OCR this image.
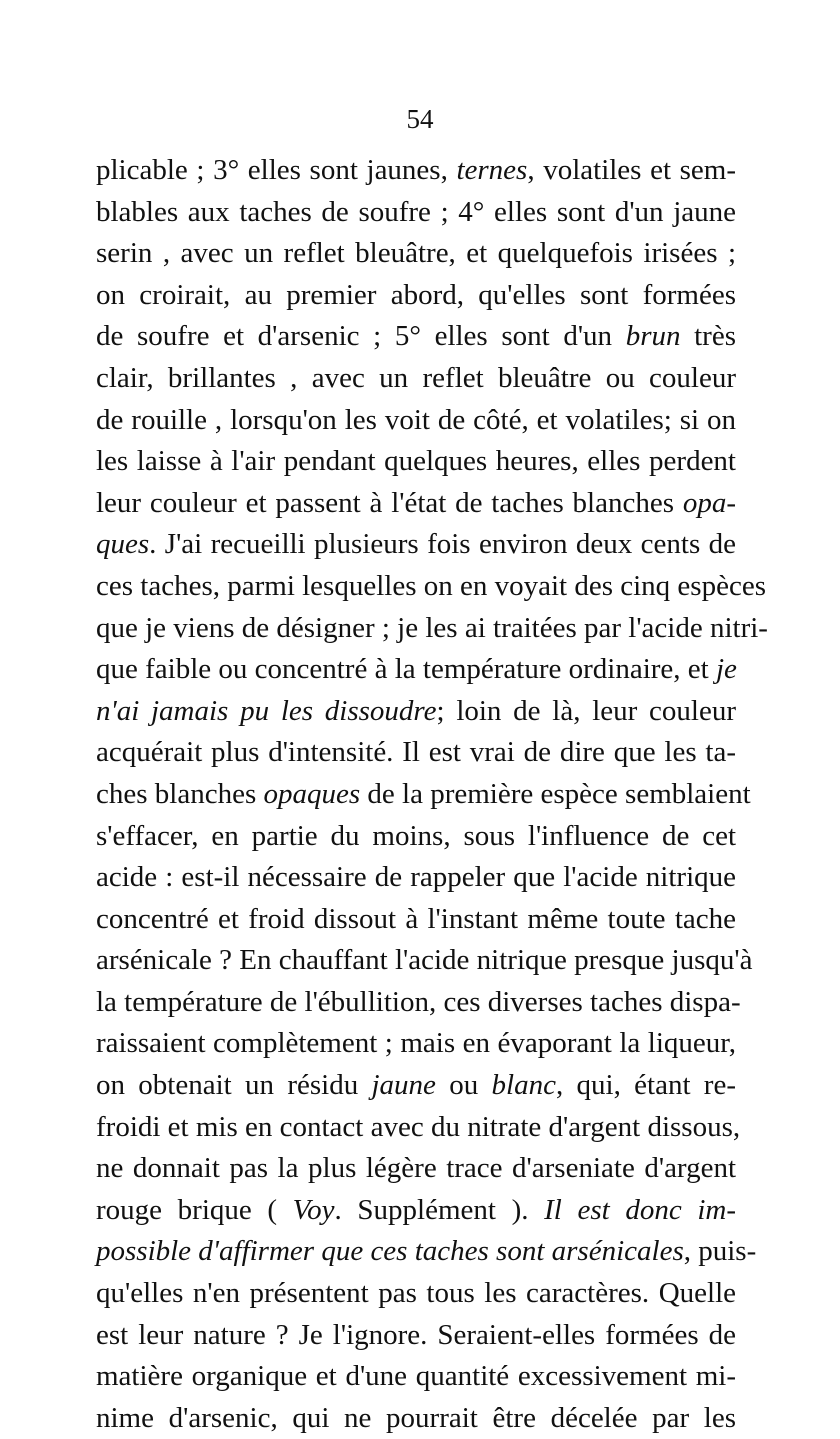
54
plicable ; 3° elles sont jaunes, ternes, volatiles et sem-
blables aux taches de soufre ; 4° elles sont d'un jaune
serin , avec un reflet bleuâtre, et quelquefois irisées ;
on croirait, au premier abord, qu'elles sont formées
de soufre et d'arsenic ; 5° elles sont d'un brun très
clair, brillantes , avec un reflet bleuâtre ou couleur
de rouille , lorsqu'on les voit de côté, et volatiles; si on
les laisse à l'air pendant quelques heures, elles perdent
leur couleur et passent à l'état de taches blanches opa-
ques. J'ai recueilli plusieurs fois environ deux cents de
ces taches, parmi lesquelles on en voyait des cinq espèces
que je viens de désigner ; je les ai traitées par l'acide nitri-
que faible ou concentré à la température ordinaire, et je
n'ai jamais pu les dissoudre; loin de là, leur couleur
acquérait plus d'intensité. Il est vrai de dire que les ta-
ches blanches opaques de la première espèce semblaient
s'effacer, en partie du moins, sous l'influence de cet
acide : est-il nécessaire de rappeler que l'acide nitrique
concentré et froid dissout à l'instant même toute tache
arsénicale ? En chauffant l'acide nitrique presque jusqu'à
la température de l'ébullition, ces diverses taches dispa-
raissaient complètement ; mais en évaporant la liqueur,
on obtenait un résidu jaune ou blanc, qui, étant re-
froidi et mis en contact avec du nitrate d'argent dissous,
ne donnait pas la plus légère trace d'arseniate d'argent
rouge brique ( Voy. Supplément ). Il est donc im-
possible d'affirmer que ces taches sont arsénicales, puis-
qu'elles n'en présentent pas tous les caractères. Quelle
est leur nature ? Je l'ignore. Seraient-elles formées de
matière organique et d'une quantité excessivement mi-
nime d'arsenic, qui ne pourrait être décelée par les
